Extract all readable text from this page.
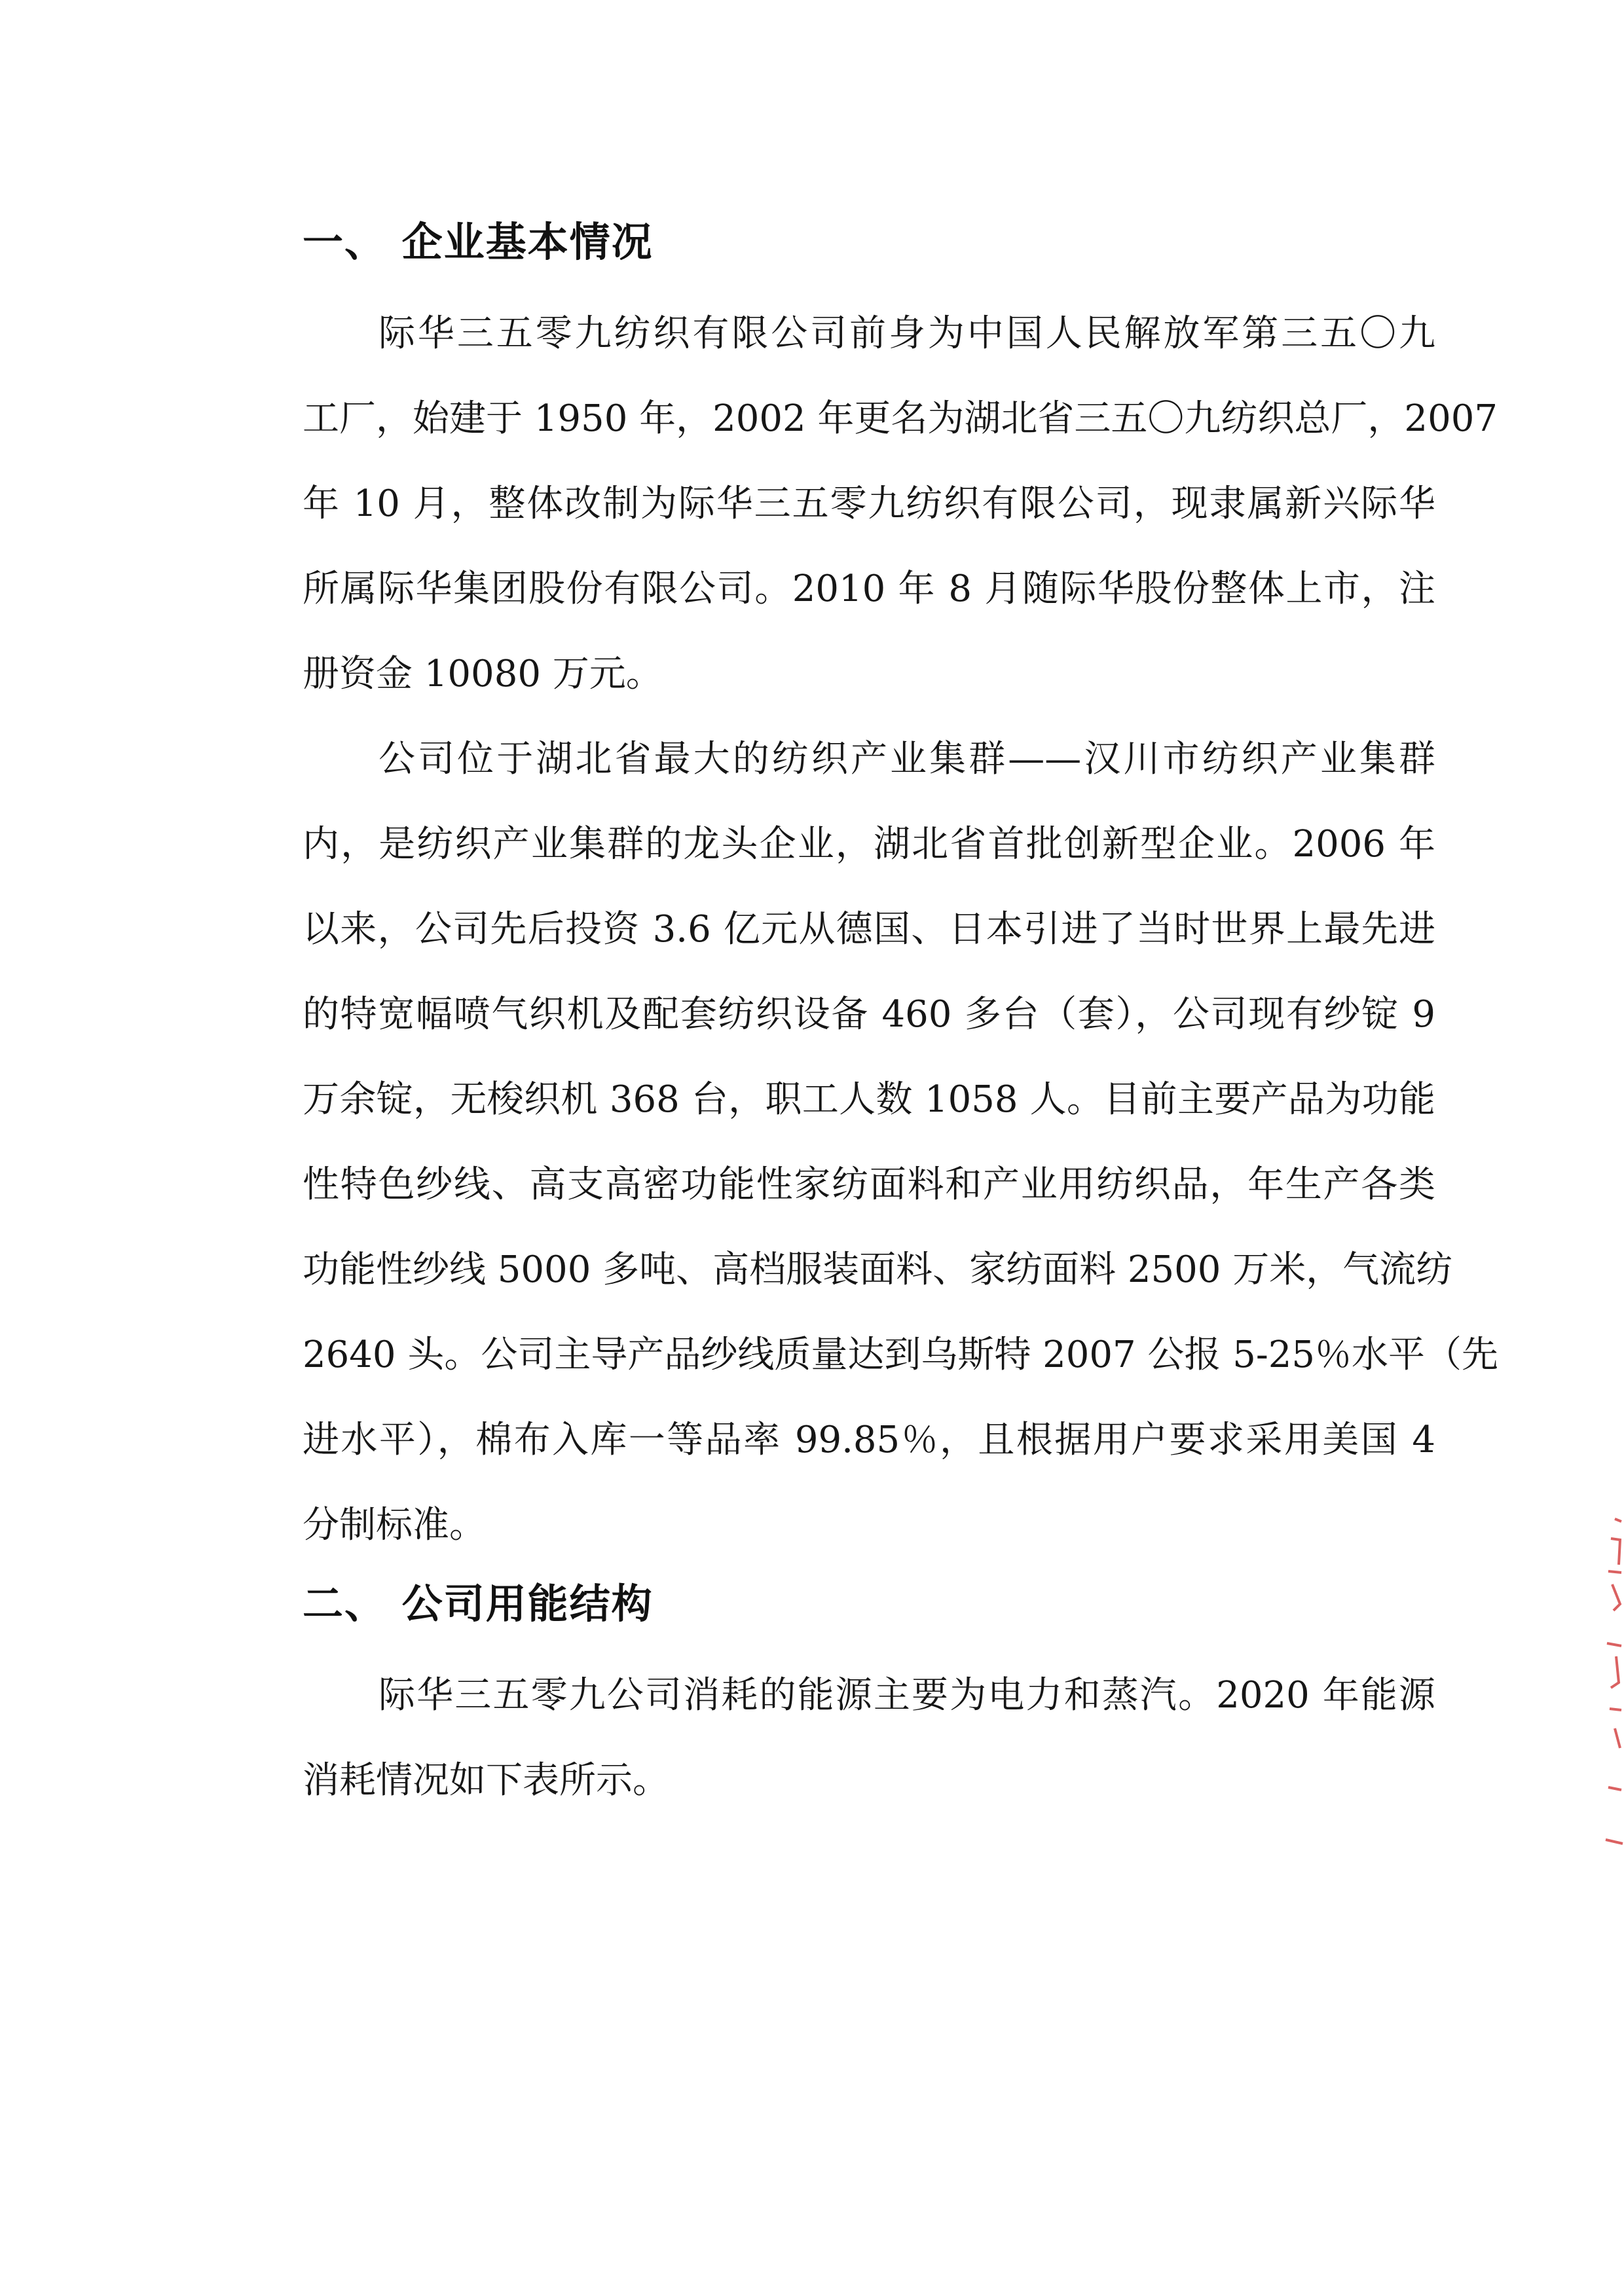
一、 企业基本情况
际华三五零九纺织有限公司前身为中国人民解放军第三五〇九
工厂，始建于 1950 年，2002 年更名为湖北省三五〇九纺织总厂，2007
年 10 月，整体改制为际华三五零九纺织有限公司，现隶属新兴际华
所属际华集团股份有限公司。2010 年 8 月随际华股份整体上市，注
册资金 10080 万元。
公司位于湖北省最大的纺织产业集群——汉川市纺织产业集群
内，是纺织产业集群的龙头企业，湖北省首批创新型企业。2006 年
以来，公司先后投资 3.6 亿元从德国、日本引进了当时世界上最先进
的特宽幅喷气织机及配套纺织设备 460 多台（套），公司现有纱锭 9
万余锭，无梭织机 368 台，职工人数 1058 人。目前主要产品为功能
性特色纱线、高支高密功能性家纺面料和产业用纺织品，年生产各类
功能性纱线 5000 多吨、高档服装面料、家纺面料 2500 万米，气流纺
2640 头。公司主导产品纱线质量达到乌斯特 2007 公报 5-25％水平（先
进水平），棉布入库一等品率 99.85％，且根据用户要求采用美国 4
分制标准。
二、 公司用能结构
际华三五零九公司消耗的能源主要为电力和蒸汽。2020 年能源
消耗情况如下表所示。
